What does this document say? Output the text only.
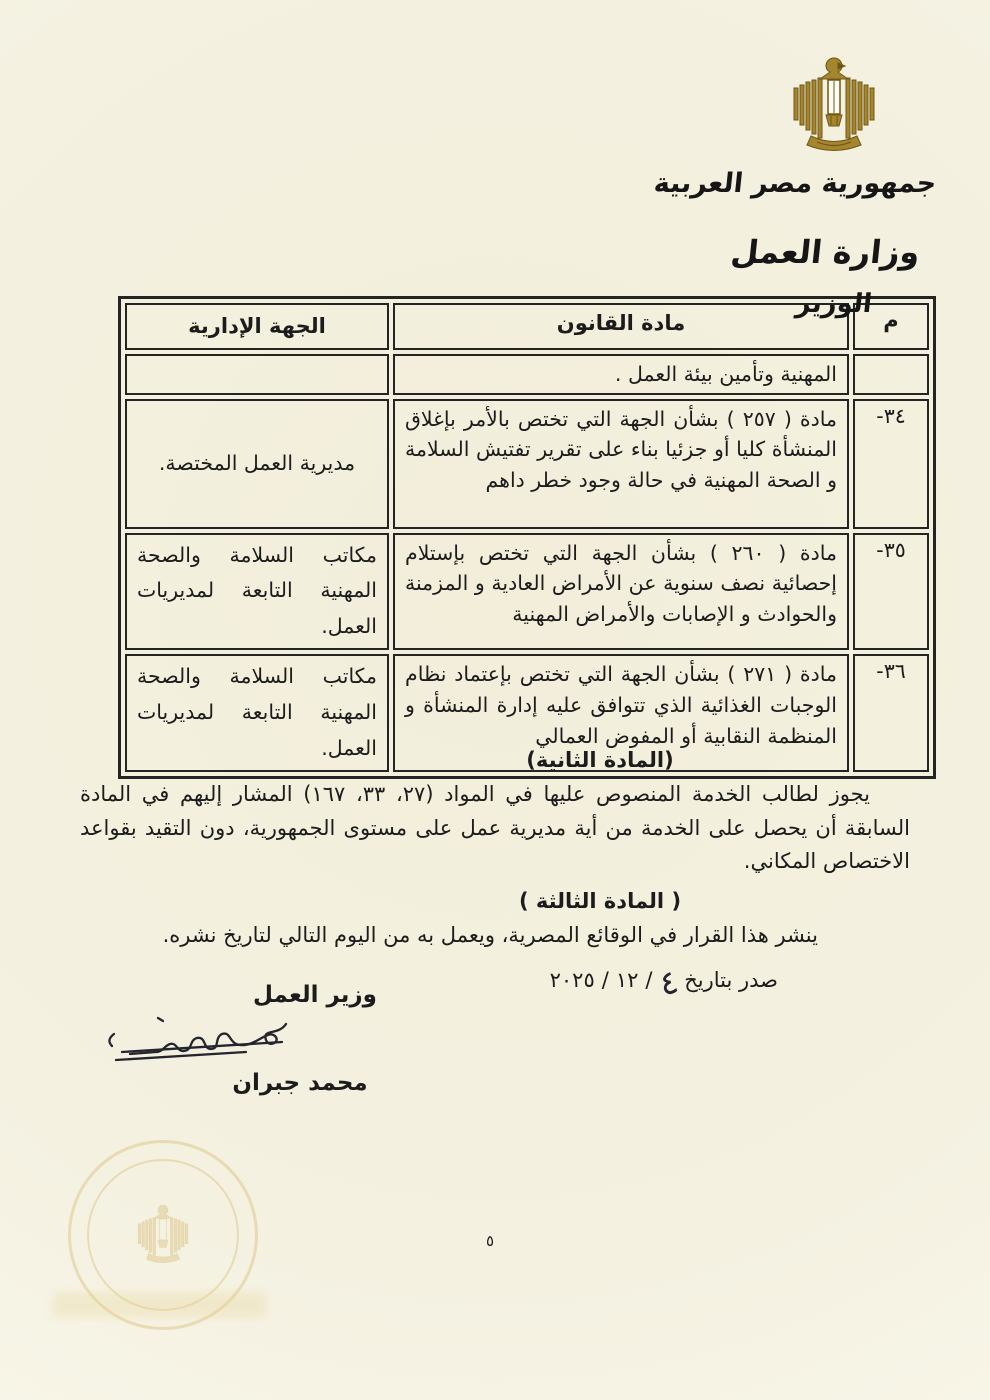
جمهورية مصر العربية
وزارة العمل
الوزير
م	مادة القانون	الجهة الإدارية
	المهنية وتأمين بيئة العمل .	
٣٤-	مادة ( ٢٥٧ ) بشأن الجهة التي تختص بالأمر بإغلاق المنشأة كليا أو جزئيا بناء على تقرير تفتيش السلامة و الصحة المهنية في حالة وجود خطر داهم	مديرية العمل المختصة.
٣٥-	مادة ( ٢٦٠ ) بشأن الجهة التي تختص بإستلام إحصائية نصف سنوية عن الأمراض العادية و المزمنة والحوادث و الإصابات والأمراض المهنية	مكاتب السلامة والصحة المهنية التابعة لمديريات العمل.
٣٦-	مادة ( ٢٧١ ) بشأن الجهة التي تختص بإعتماد نظام الوجبات الغذائية الذي تتوافق عليه إدارة المنشأة و المنظمة النقابية أو المفوض العمالي	مكاتب السلامة والصحة المهنية التابعة لمديريات العمل.
(المادة الثانية)

يجوز لطالب الخدمة المنصوص عليها في المواد (٢٧، ٣٣، ١٦٧) المشار إليهم في المادة السابقة أن يحصل على الخدمة من أية مديرية عمل على مستوى الجمهورية، دون التقيد بقواعد الاختصاص المكاني.

( المادة الثالثة )

ينشر هذا القرار في الوقائع المصرية، ويعمل به من اليوم التالي لتاريخ نشره.

صدر بتاريخ
٤
/
١٢
/
٢٠٢٥
وزير العمل
محمد جبران
٥
